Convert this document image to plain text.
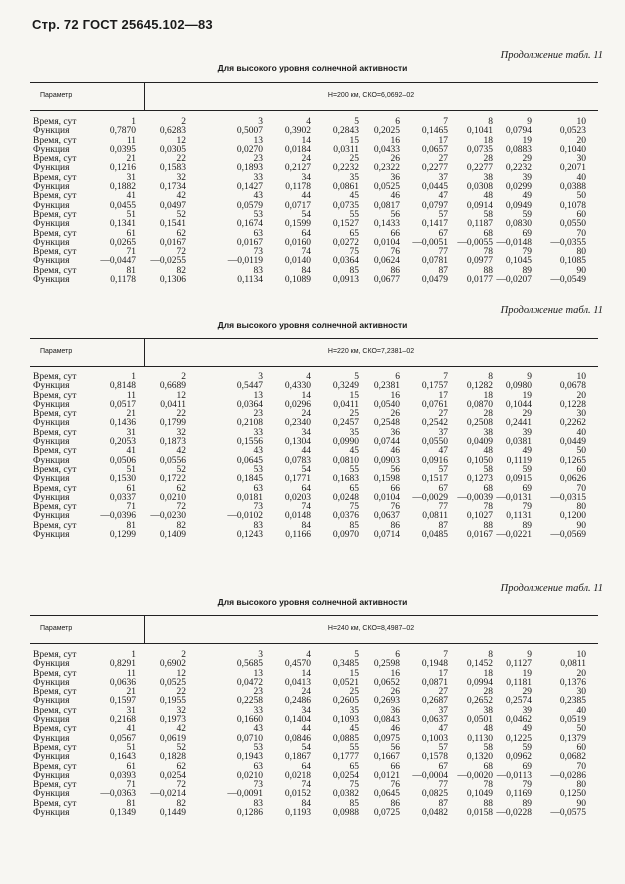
Стр. 72 ГОСТ 25645.102—83
Продолжение табл. 11
Для высокого уровня солнечной активности
Параметр	H=200 км, СКО=6,0692–02
Время, сут	1	2	3	4	5	6	7	8	9	10
Функция	0,7870	0,6283	0,5007 0,3902 0,2843 0,2025 0,1465 0,1041 0,0794	0,0523
Время, сут	11	12	13	14	15	16	17	18	19	20
Функция	0,0395	0,0305	0,0270 0,0184 0,0311 0,0433 0,0657 0,0735 0,0883	0,1040
Время, сут	21	22	23	24	25	26	27	28	29	30
Функция	0,1216	0,1583	0,1893 0,2127 0,2232 0,2322 0,2277 0,2277 0,2232	0,2071
Время, сут	31	32	33	34	35	36	37	38	39	40
Функция	0,1882	0,1734	0,1427 0,1178 0,0861 0,0525 0,0445 0,0308 0,0299	0,0388
Время, сут	41	42	43	44	45	46	47	48	49	50
Функция	0,0455	0,0497	0,0579 0,0717 0,0735 0,0817 0,0797 0,0914 0,0949	0,1078
Время, сут	51	52	53	54	55	56	57	58	59	60
Функция	0,1341	0,1541	0,1674 0,1599 0,1527 0,1433 0,1417 0,1187 0,0830	0,0550
Время, сут	61	62	63	64	65	66	67	68	69	70
Функция	0,0265	0,0167	0,0167 0,0160 0,0272 0,0104 —0,0051 —0,0055 —0,0148 —0,0355
Время, сут	71	72	73	74	75	76	77	78	79	80
Функция	—0,0447 —0,0255	—0,0119 0,0140 0,0364 0,0624 0,0781 0,0977 0,1045	0,1085
Время, сут	81	82	83	84	85	86	87	88	89	90
Функция	0,1178	0,1306	0,1134 0,1089 0,0913 0,0677 0,0479 0,0177 —0,0207 —0,0549
Продолжение табл. 11
Для высокого уровня солнечной активности
Параметр	H=220 км, СКО=7,2381–02
Время, сут	1	2	3	4	5	6	7	8	9	10
Функция	0,8148	0,6689	0,5447 0,4330 0,3249 0,2381 0,1757 0,1282 0,0980	0,0678
Время, сут	11	12	13	14	15	16	17	18	19	20
Функция	0,0517	0,0411	0,0364 0,0296 0,0411 0,0540 0,0761 0,0870 0,1044	0,1228
Время, сут	21	22	23	24	25	26	27	28	29	30
Функция	0,1436	0,1799	0,2108 0,2340 0,2457 0,2548 0,2542 0,2508 0,2441	0,2262
Время, сут	31	32	33	34	35	36	37	38	39	40
Функция	0,2053	0,1873	0,1556 0,1304 0,0990 0,0744 0,0550 0,0409 0,0381	0,0449
Время, сут	41	42	43	44	45	46	47	48	49	50
Функция	0,0506	0,0556	0,0645 0,0783 0,0810 0,0903 0,0916 0,1050 0,1119	0,1265
Время, сут	51	52	53	54	55	56	57	58	59	60
Функция	0,1530	0,1722	0,1845 0,1771 0,1683 0,1598 0,1517 0,1273 0,0915	0,0626
Время, сут	61	62	63	64	65	66	67	68	69	70
Функция	0,0337	0,0210	0,0181 0,0203 0,0248 0,0104 —0,0029 —0,0039 —0,0131 —0,0315
Время, сут	71	72	73	74	75	76	77	78	79	80
Функция	—0,0396 —0,0230	—0,0102 0,0148 0,0376 0,0637 0,0811 0,1027 0,1131	0,1200
Время, сут	81	82	83	84	85	86	87	88	89	90
Функция	0,1299	0,1409	0,1243 0,1166 0,0970 0,0714 0,0485 0,0167 —0,0221 —0,0569
Продолжение табл. 11
Для высокого уровня солнечной активности
Параметр	H=240 км, СКО=8,4987–02
Время, сут	1	2	3	4	5	6	7	8	9	10
Функция	0,8291	0,6902	0,5685 0,4570 0,3485 0,2598 0,1948 0,1452 0,1127	0,0811
Время, сут	11	12	13	14	15	16	17	18	19	20
Функция	0,0636	0,0525	0,0472 0,0413 0,0521 0,0652 0,0871 0,0994 0,1181	0,1376
Время, сут	21	22	23	24	25	26	27	28	29	30
Функция	0,1597	0,1955	0,2258 0,2486 0,2605 0,2693 0,2687 0,2652 0,2574	0,2385
Время, сут	31	32	33	34	35	36	37	38	39	40
Функция	0,2168	0,1973	0,1660 0,1404 0,1093 0,0843 0,0637 0,0501 0,0462	0,0519
Время, сут	41	42	43	44	45	46	47	48	49	50
Функция	0,0567	0,0619	0,0710 0,0846 0,0885 0,0975 0,1003 0,1130 0,1225	0,1379
Время, сут	51	52	53	54	55	56	57	58	59	60
Функция	0,1643	0,1828	0,1943 0,1867 0,1777 0,1667 0,1578 0,1320 0,0962	0,0682
Время, сут	61	62	63	64	65	66	67	68	69	70
Функция	0,0393	0,0254	0,0210 0,0218 0,0254 0,0121 —0,0004 —0,0020 —0,0113 —0,0286
Время, сут	71	72	73	74	75	76	77	78	79	80
Функция	—0,0363 —0,0214	—0,0091 0,0152 0,0382 0,0645 0,0825 0,1049 0,1169	0,1250
Время, сут	81	82	83	84	85	86	87	88	89	90
Функция	0,1349	0,1449	0,1286 0,1193 0,0988 0,0725 0,0482 0,0158 —0,0228 —0,0575
